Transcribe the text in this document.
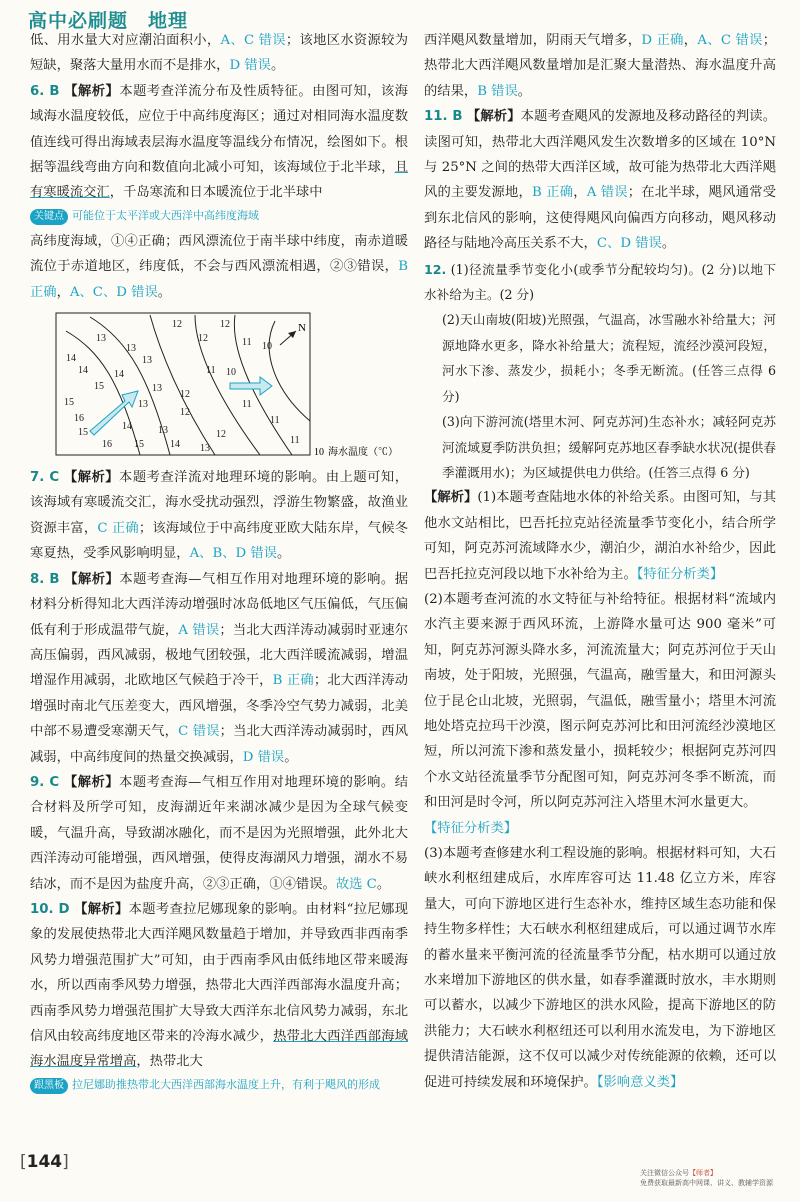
高中必刷题　地理

低、用水量大对应潮泊面积小，A、C 错误；该地区水资源较为短缺，聚落大量用水而不是排水，D 错误。

6. B 【解析】本题考查洋流分布及性质特征。由图可知，该海域海水温度较低，应位于中高纬度海区；通过对相同海水温度数值连线可得出海域表层海水温度等温线分布情况，绘图如下。根据等温线弯曲方向和数值向北减小可知，该海域位于北半球，且有寒暖流交汇，千岛寒流和日本暖流位于北半球中

关键点 可能位于太平洋或大西洋中高纬度海域

高纬度海域，①④正确；西风漂流位于南半球中纬度，南赤道暖流位于赤道地区，纬度低，不会与西风漂流相遇，②③错误，B 正确，A、C、D 错误。

N
12	12
13	12	11 10
13
14	13
11 10
14	14
15	13
12
11
15	13
12
11
16
14	13	12
11
16 15	14
15
13	10 海水温度（℃）

7. C 【解析】本题考查洋流对地理环境的影响。由上题可知，该海域有寒暖流交汇，海水受扰动强烈，浮游生物繁盛，故渔业资源丰富，C 正确；该海域位于中高纬度亚欧大陆东岸，气候冬寒夏热，受季风影响明显，A、B、D 错误。

8. B 【解析】本题考查海—气相互作用对地理环境的影响。据材料分析得知北大西洋涛动增强时冰岛低地区气压偏低，气压偏低有利于形成温带气旋，A 错误；当北大西洋涛动减弱时亚速尔高压偏弱，西风减弱，极地气团较强，北大西洋暖流减弱，增温增湿作用减弱，北欧地区气候趋于冷干，B 正确；北大西洋涛动增强时南北气压差变大，西风增强，冬季冷空气势力减弱，北美中部不易遭受寒潮天气，C 错误；当北大西洋涛动减弱时，西风减弱，中高纬度间的热量交换减弱，D 错误。

9. C 【解析】本题考查海—气相互作用对地理环境的影响。结合材料及所学可知，皮海湖近年来湖冰减少是因为全球气候变暖，气温升高，导致湖冰融化，而不是因为光照增强，此外北大西洋涛动可能增强，西风增强，使得皮海湖风力增强，湖水不易结冰，而不是因为盐度升高，②③正确，①④错误。故选 C。

10. D 【解析】本题考查拉尼娜现象的影响。由材料“拉尼娜现象的发展使热带北大西洋飓风数量趋于增加，并导致西非西南季风势力增强范围扩大”可知，由于西南季风由低纬地区带来暖海水，所以西南季风势力增强，热带北大西洋西部海水温度升高；西南季风势力增强范围扩大导致大西洋东北信风势力减弱，东北信风由较高纬度地区带来的冷海水减少，热带北大西洋西部海域海水温度异常增高，热带北大

跟黑板 拉尼娜助推热带北大西洋西部海水温度上升，有利于飓风的形成

西洋飓风数量增加，阴雨天气增多，D 正确，A、C 错误；热带北大西洋飓风数量增加是汇聚大量潜热、海水温度升高的结果，B 错误。

11. B 【解析】本题考查飓风的发源地及移动路径的判读。读图可知，热带北大西洋飓风发生次数增多的区域在 10°N 与 25°N 之间的热带大西洋区域，故可能为热带北大西洋飓风的主要发源地，B 正确，A 错误；在北半球，飓风通常受到东北信风的影响，这使得飓风向偏西方向移动，飓风移动路径与陆地冷高压关系不大，C、D 错误。

12. (1)径流量季节变化小(或季节分配较均匀)。(2 分)以地下水补给为主。(2 分)

(2)天山南坡(阳坡)光照强，气温高，冰雪融水补给量大；河源地降水更多，降水补给量大；流程短，流经沙漠河段短，河水下渗、蒸发少，损耗小；冬季无断流。(任答三点得 6 分)

(3)向下游河流(塔里木河、阿克苏河)生态补水；减轻阿克苏河流域夏季防洪负担；缓解阿克苏地区春季缺水状况(提供春季灌溉用水)；为区域提供电力供给。(任答三点得 6 分)

【解析】(1)本题考查陆地水体的补给关系。由图可知，与其他水文站相比，巴吾托拉克站径流量季节变化小，结合所学可知，阿克苏河流域降水少，潮泊少，湖泊水补给少，因此巴吾托拉克河段以地下水补给为主。【特征分析类】

(2)本题考查河流的水文特征与补给特征。根据材料“流域内水汽主要来源于西风环流，上游降水量可达 900 毫米”可知，阿克苏河源头降水多，河流流量大；阿克苏河位于天山南坡，处于阳坡，光照强，气温高，融雪量大，和田河源头位于昆仑山北坡，光照弱，气温低，融雪量小；塔里木河流地处塔克拉玛干沙漠，图示阿克苏河比和田河流经沙漠地区短，所以河流下渗和蒸发量小，损耗较少；根据阿克苏河四个水文站径流量季节分配图可知，阿克苏河冬季不断流，而和田河是时令河，所以阿克苏河注入塔里木河水量更大。

【特征分析类】

(3)本题考查修建水利工程设施的影响。根据材料可知，大石峡水利枢纽建成后，水库库容可达 11.48 亿立方米，库容量大，可向下游地区进行生态补水，维持区域生态功能和保持生物多样性；大石峡水利枢纽建成后，可以通过调节水库的蓄水量来平衡河流的径流量季节分配，枯水期可以通过放水来增加下游地区的供水量，如春季灌溉时放水，丰水期则可以蓄水，以减少下游地区的洪水风险，提高下游地区的防洪能力；大石峡水利枢纽还可以利用水流发电，为下游地区提供清洁能源，这不仅可以减少对传统能源的依赖，还可以促进可持续发展和环境保护。【影响意义类】

[144]
关注微信公众号【师者】
免费获取最新高中网课、讲义、教辅学资源
